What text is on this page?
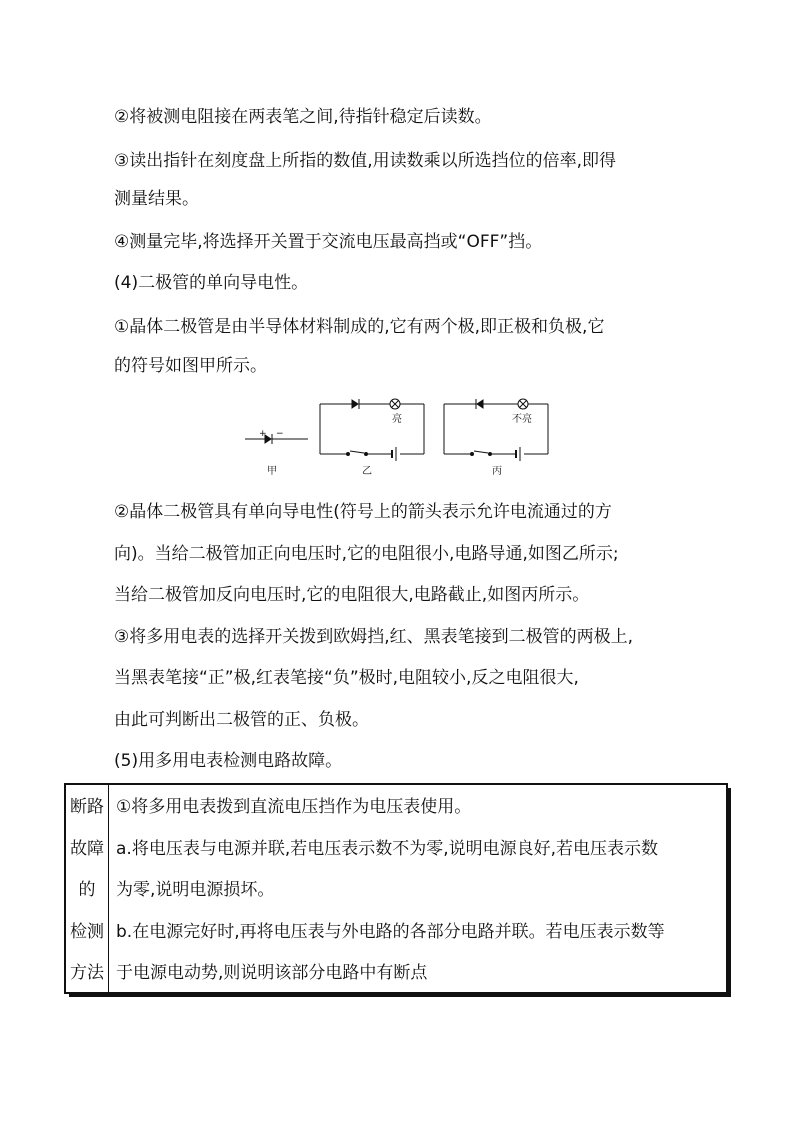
②将被测电阻接在两表笔之间,待指针稳定后读数。
③读出指针在刻度盘上所指的数值,用读数乘以所选挡位的倍率,即得
测量结果。
④测量完毕,将选择开关置于交流电压最高挡或“OFF”挡。
(4)二极管的单向导电性。
①晶体二极管是由半导体材料制成的,它有两个极,即正极和负极,它
的符号如图甲所示。
+ −
甲
亮
乙
不亮
丙
②晶体二极管具有单向导电性(符号上的箭头表示允许电流通过的方
向)。当给二极管加正向电压时,它的电阻很小,电路导通,如图乙所示;
当给二极管加反向电压时,它的电阻很大,电路截止,如图丙所示。
③将多用电表的选择开关拨到欧姆挡,红、黑表笔接到二极管的两极上,
当黑表笔接“正”极,红表笔接“负”极时,电阻较小,反之电阻很大,
由此可判断出二极管的正、负极。
(5)用多用电表检测电路故障。
断路
故障
的
检测
方法
①将多用电表拨到直流电压挡作为电压表使用。
a.将电压表与电源并联,若电压表示数不为零,说明电源良好,若电压表示数
为零,说明电源损坏。
b.在电源完好时,再将电压表与外电路的各部分电路并联。若电压表示数等
于电源电动势,则说明该部分电路中有断点
